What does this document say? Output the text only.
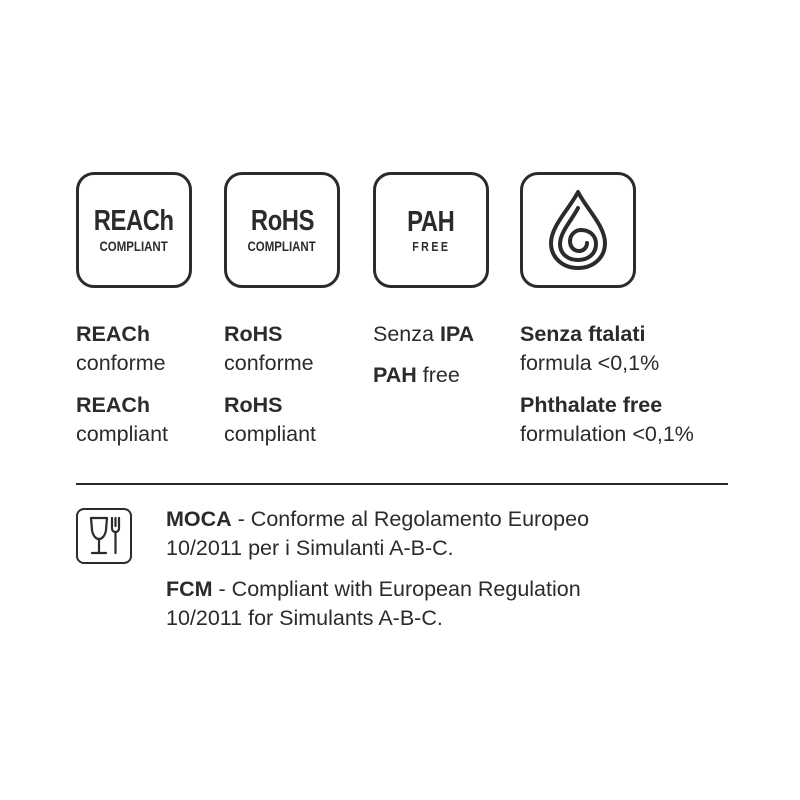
REACh
COMPLIANT
RoHS
COMPLIANT
PAH
FREE
REACh
conforme
REACh
compliant
RoHS
conforme
RoHS
compliant
Senza IPA
PAH free
Senza ftalati
formula <0,1%
Phthalate free
formulation <0,1%
MOCA - Conforme al Regolamento Europeo
10/2011 per i Simulanti A-B-C.
FCM - Compliant with European Regulation
10/2011 for Simulants A-B-C.
